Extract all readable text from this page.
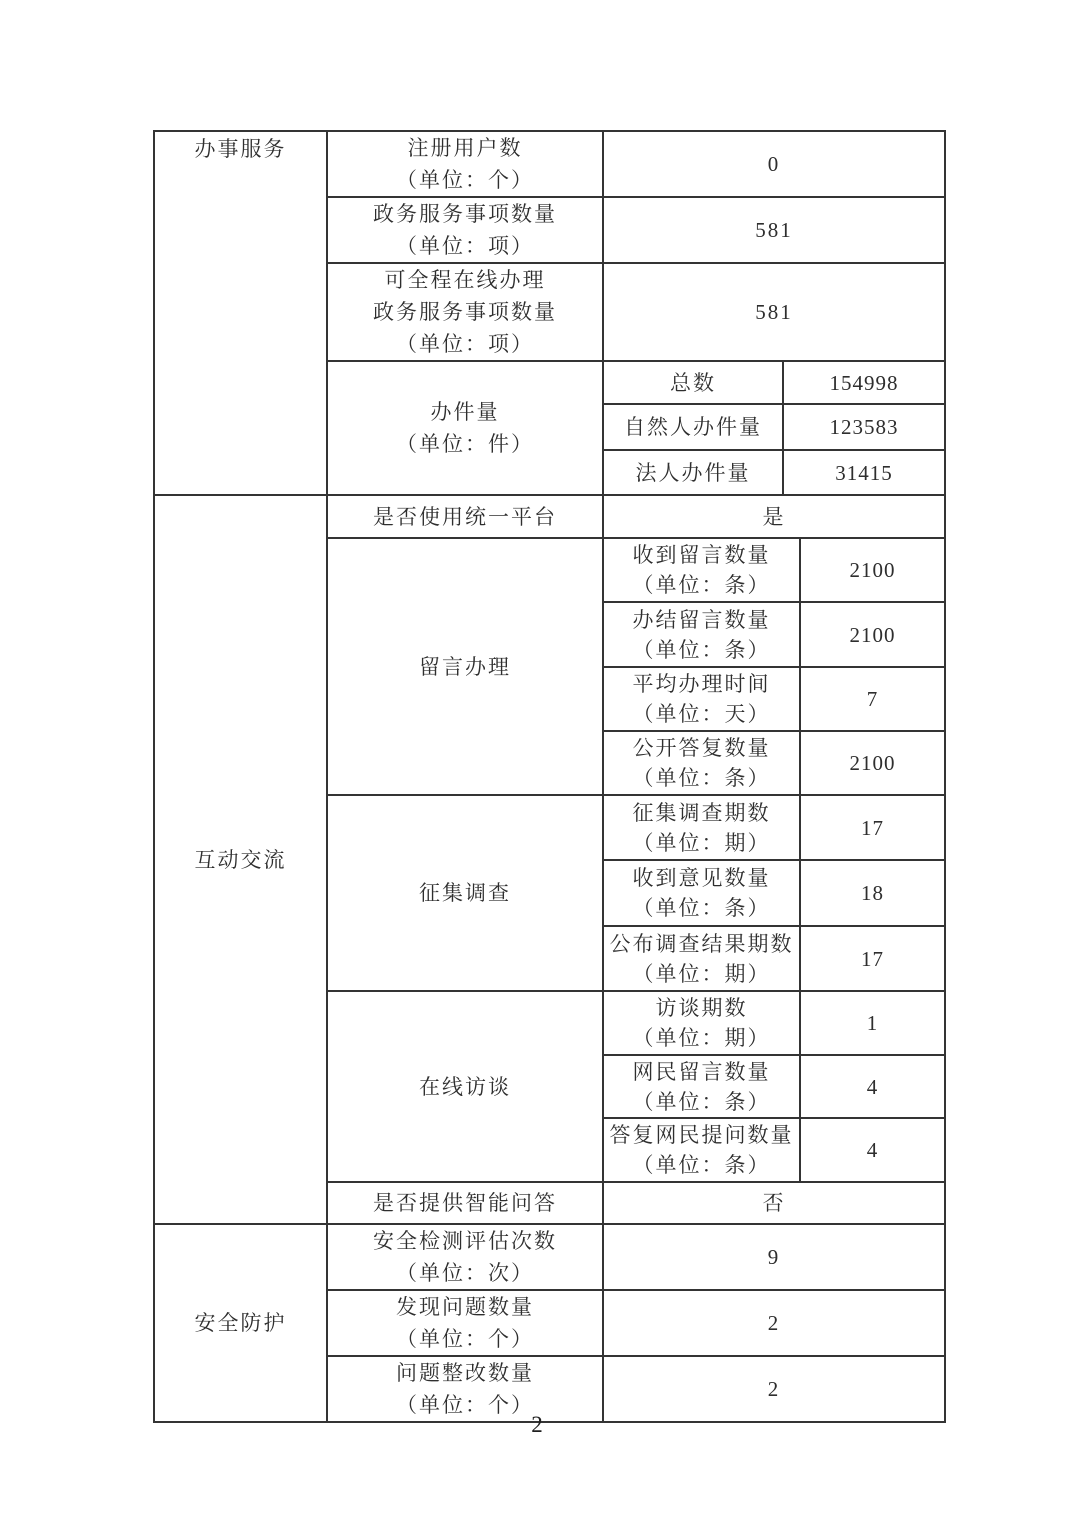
办事服务	注册用户数
（单位：个）
	0

政务服务事项数量
（单位：项）
	581

可全程在线办理
政务服务事项数量
（单位：项）
	581

办件量
（单位：件）

总数	154998
自然人办件量	123583
法人办件量	31415

互动交流	是否使用统一平台	是
留言办理	
收到留言数量
（单位：条）
	2100

办结留言数量
（单位：条）
	2100

平均办理时间
（单位：天）
	7

公开答复数量
（单位：条）
	2100

征集调查	
征集调查期数
（单位：期）
	17

收到意见数量
（单位：条）
	18

公布调查结果期数
（单位：期）
	17

在线访谈	
访谈期数
（单位：期）
	1

网民留言数量
（单位：条）
	4

答复网民提问数量
（单位：条）
	4

是否提供智能问答	否
安全防护	
安全检测评估次数
（单位：次）
	9

发现问题数量
（单位：个）
	2

问题整改数量
（单位：个）
	2
2
